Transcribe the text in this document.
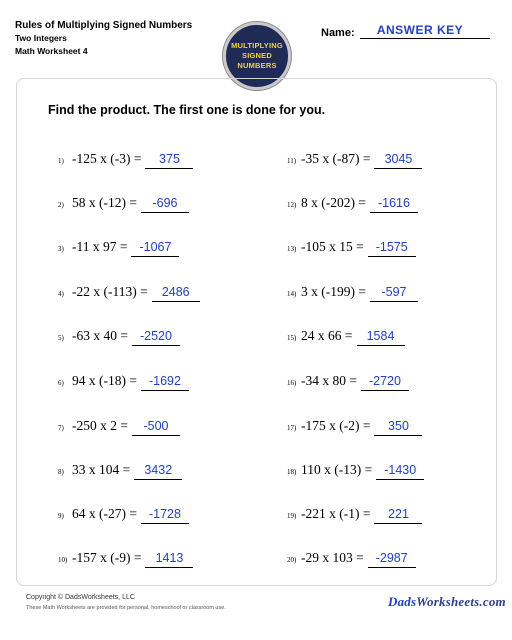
Rules of Multiplying Signed Numbers
Two Integers
Math Worksheet 4
MULTIPLYING
SIGNED
NUMBERS
Name:	ANSWER KEY
Find the product. The first one is done for you.
1) -125 x (-3) =	375
2) 58 x (-12) =	-696
3) -11 x 97 = -1067
4) -22 x (-113) =	2486
5) -63 x 40 = -2520
6) 94 x (-18) = -1692
7) -250 x 2 =	-500
8) 33 x 104 =	3432
9) 64 x (-27) = -1728
10) -157 x (-9) =	1413
11) -35 x (-87) =	3045
12) 8 x (-202) = -1616
13) -105 x 15 = -1575
14) 3 x (-199) =	-597
15) 24 x 66 =	1584
16) -34 x 80 = -2720
17) -175 x (-2) =	350
18) 110 x (-13) = -1430
19) -221 x (-1) =	221
20) -29 x 103 = -2987
Copyright © DadsWorksheets, LLC
These Math Worksheets are provided for personal, homeschool or classroom use.	DadsWorksheets.com
